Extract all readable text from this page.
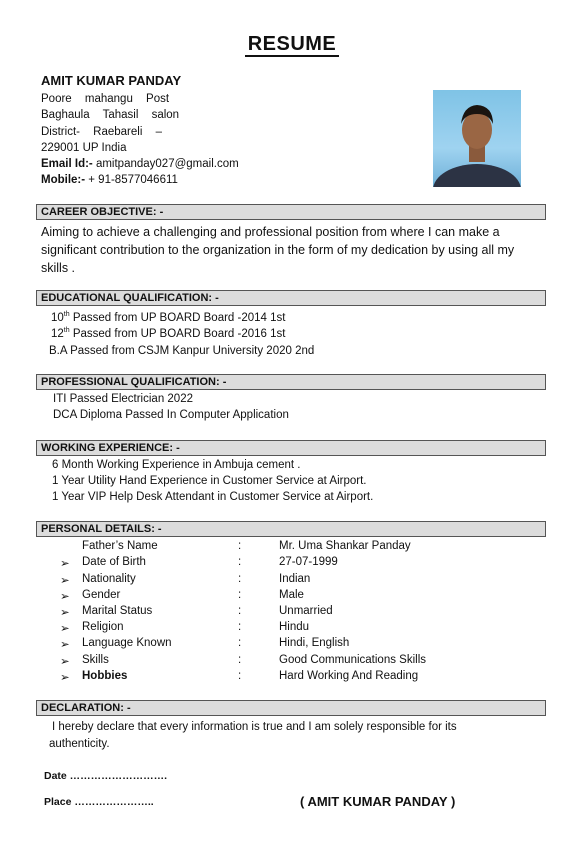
RESUME
AMIT KUMAR PANDAY
Poore mahangu Post
Baghaula Tahasil salon
District- Raebareli –
229001 UP India
Email Id:- amitpanday027@gmail.com
Mobile:- + 91-8577046611
CAREER OBJECTIVE: -
Aiming to achieve a challenging and professional position from where I can make a significant contribution to the organization in the form of my dedication by using all my skills .
EDUCATIONAL QUALIFICATION: -
10th Passed from UP BOARD Board -2014 1st
12th Passed from UP BOARD Board -2016 1st
B.A Passed from CSJM Kanpur University 2020 2nd
PROFESSIONAL QUALIFICATION: -
ITI Passed Electrician 2022
DCA Diploma Passed In Computer Application
WORKING EXPERIENCE: -
6 Month Working Experience in Ambuja cement .
1 Year Utility Hand Experience in Customer Service at Airport.
1 Year VIP Help Desk Attendant in Customer Service at Airport.
PERSONAL DETAILS: -
Father’s Name	:	Mr. Uma Shankar Panday
➢ Date of Birth	:	27-07-1999
➢ Nationality	:	Indian
➢ Gender	:	Male
➢ Marital Status	:	Unmarried
➢ Religion	:	Hindu
➢ Language Known	:	Hindi, English
➢ Skills	:	Good Communications Skills
➢ Hobbies	:	Hard Working And Reading
DECLARATION: -
I hereby declare that every information is true and I am solely responsible for its authenticity.
Date ……………………….
Place …………………..	( AMIT KUMAR PANDAY )
